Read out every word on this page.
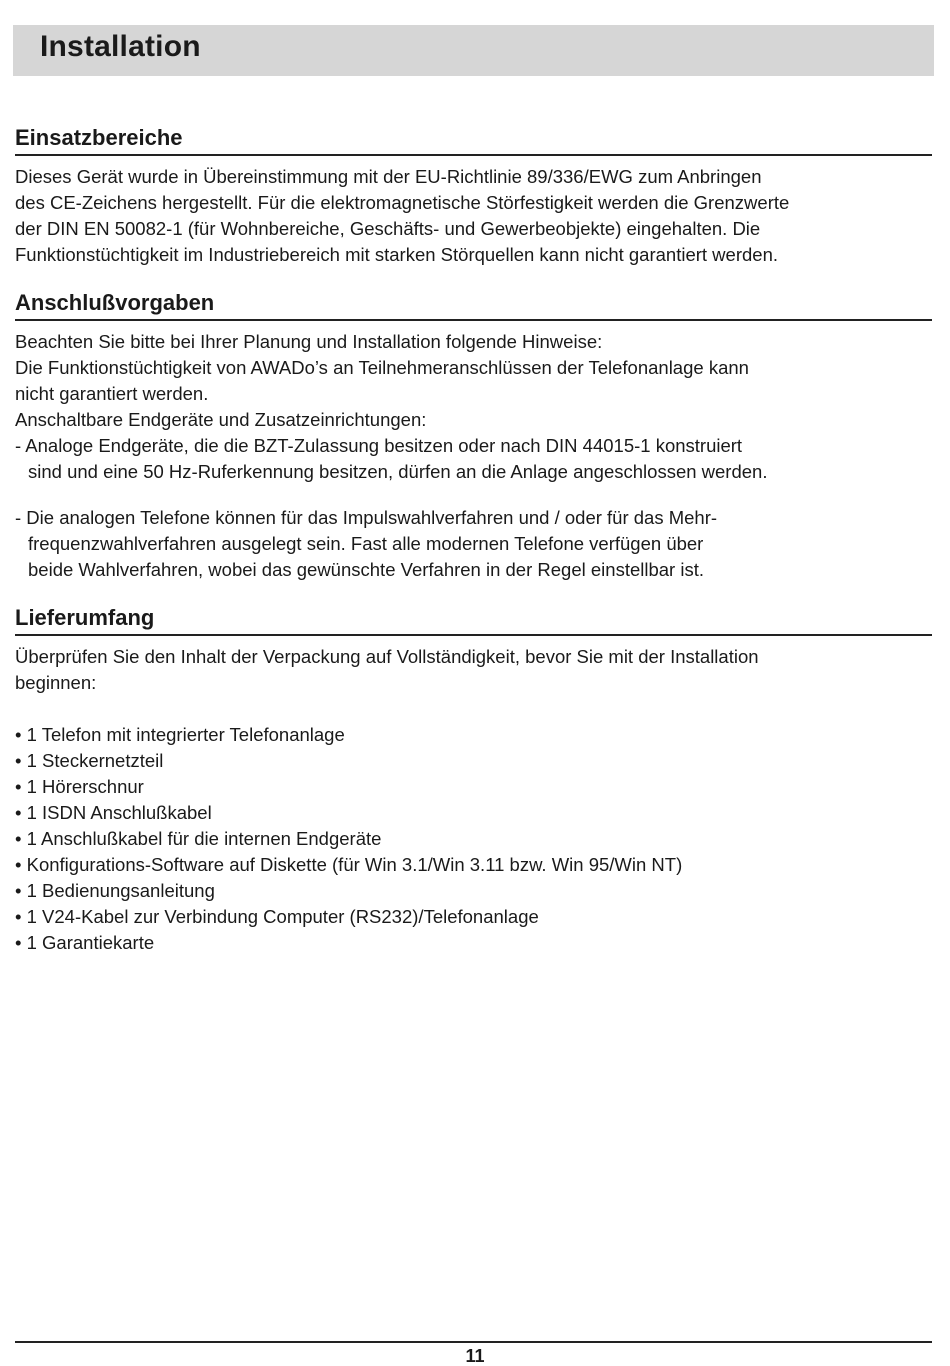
Installation
Einsatzbereiche
Dieses Gerät wurde in Übereinstimmung mit der EU-Richtlinie 89/336/EWG zum Anbringen
des CE-Zeichens hergestellt. Für die elektromagnetische Störfestigkeit werden die Grenzwerte
der DIN EN 50082-1 (für Wohnbereiche, Geschäfts- und Gewerbeobjekte) eingehalten. Die
Funktionstüchtigkeit im Industriebereich mit starken Störquellen kann nicht garantiert werden.
Anschlußvorgaben
Beachten Sie bitte bei Ihrer Planung und Installation folgende Hinweise:
Die Funktionstüchtigkeit von AWADo’s an Teilnehmeranschlüssen der Telefonanlage kann
nicht garantiert werden.
Anschaltbare Endgeräte und Zusatzeinrichtungen:
- Analoge Endgeräte, die die BZT-Zulassung besitzen oder nach DIN 44015-1 konstruiert
sind und eine 50 Hz-Ruferkennung besitzen, dürfen an die Anlage angeschlossen werden.
- Die analogen Telefone können für das Impulswahlverfahren und / oder für das Mehr-
frequenzwahlverfahren ausgelegt sein. Fast alle modernen Telefone verfügen über
beide Wahlverfahren, wobei das gewünschte Verfahren in der Regel einstellbar ist.
Lieferumfang
Überprüfen Sie den Inhalt der Verpackung auf Vollständigkeit, bevor Sie mit der Installation
beginnen:
• 1 Telefon mit integrierter Telefonanlage
• 1 Steckernetzteil
• 1 Hörerschnur
• 1 ISDN Anschlußkabel
• 1 Anschlußkabel für die internen Endgeräte
• Konfigurations-Software auf Diskette (für Win 3.1/Win 3.11 bzw. Win 95/Win NT)
• 1 Bedienungsanleitung
• 1 V24-Kabel zur Verbindung Computer (RS232)/Telefonanlage
• 1 Garantiekarte
11
